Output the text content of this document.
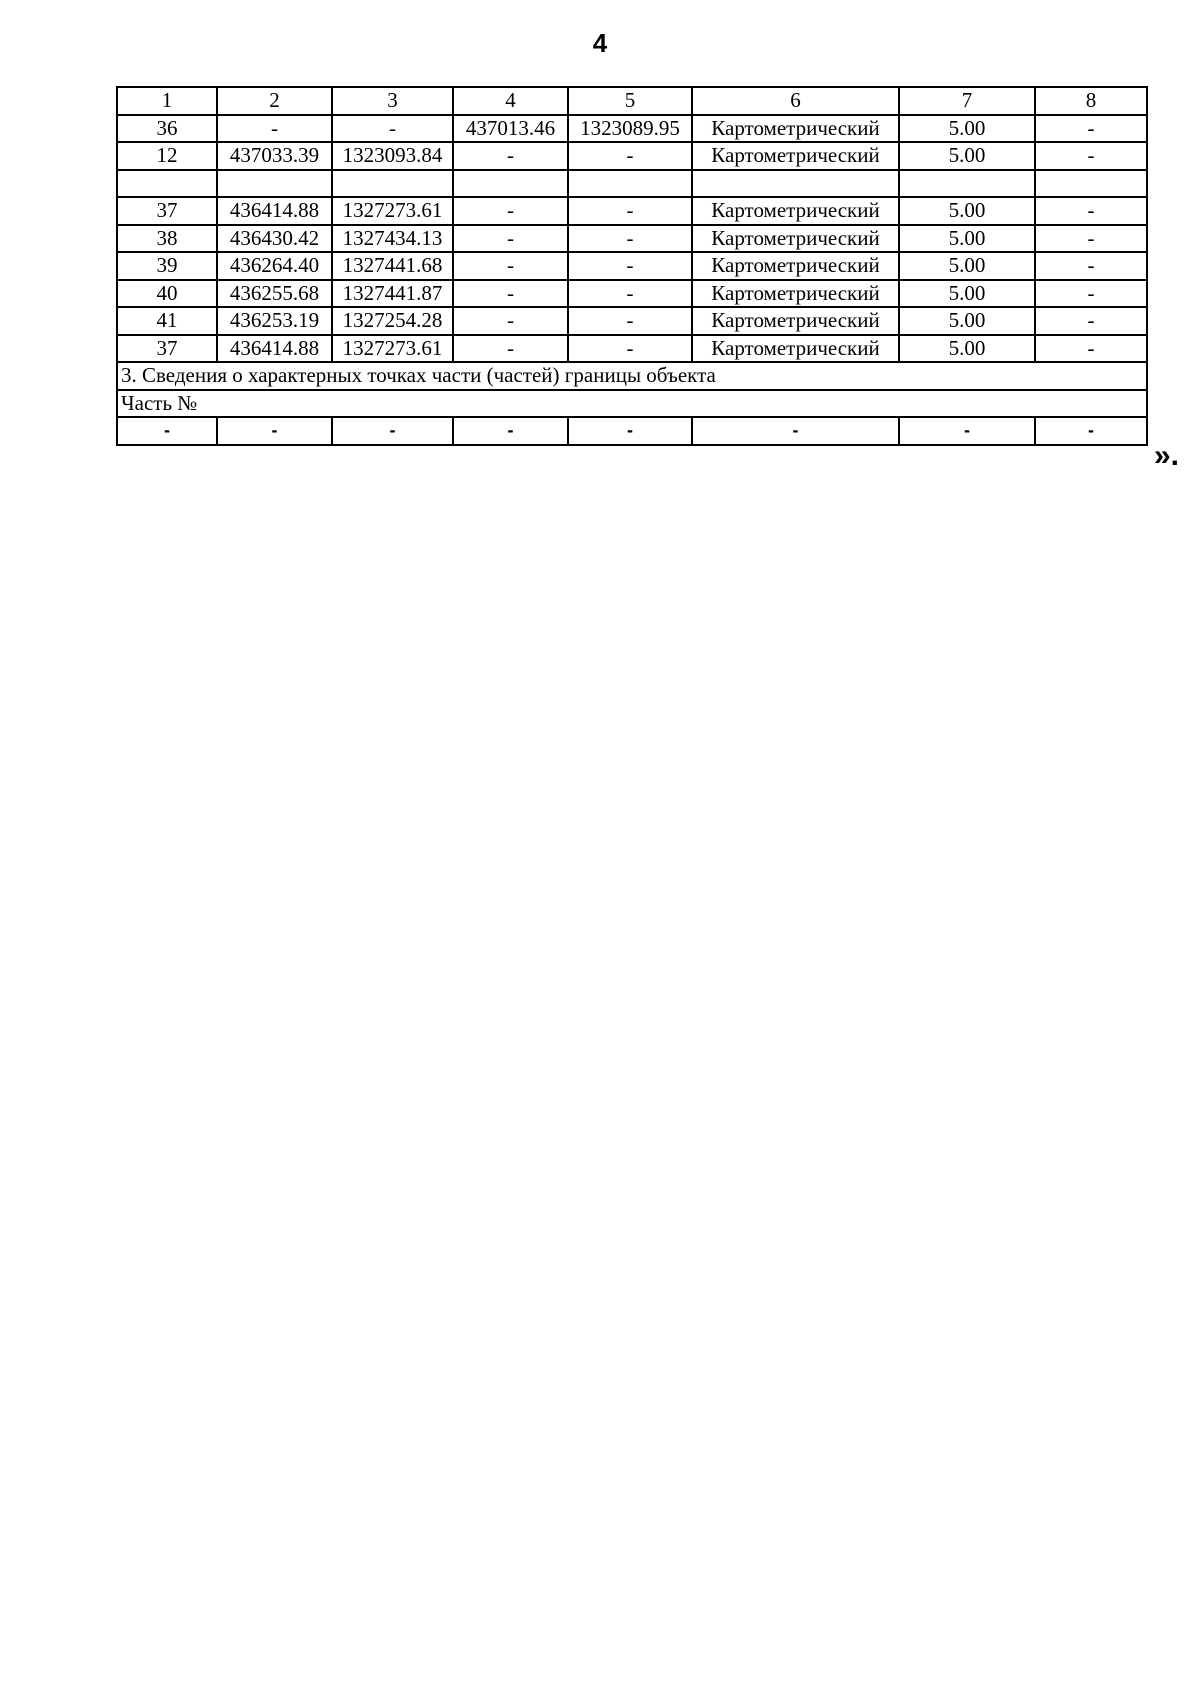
4
1	2	3	4	5	6	7	8
36	-	-	437013.46	1323089.95	Картометрический	5.00	-
12	437033.39	1323093.84	-	-	Картометрический	5.00	-

37	436414.88	1327273.61	-	-	Картометрический	5.00	-
38	436430.42	1327434.13	-	-	Картометрический	5.00	-
39	436264.40	1327441.68	-	-	Картометрический	5.00	-
40	436255.68	1327441.87	-	-	Картометрический	5.00	-
41	436253.19	1327254.28	-	-	Картометрический	5.00	-
37	436414.88	1327273.61	-	-	Картометрический	5.00	-
3. Сведения о характерных точках части (частей) границы объекта							
Часть №							
-	-	-	-	-	-	-	-
».
